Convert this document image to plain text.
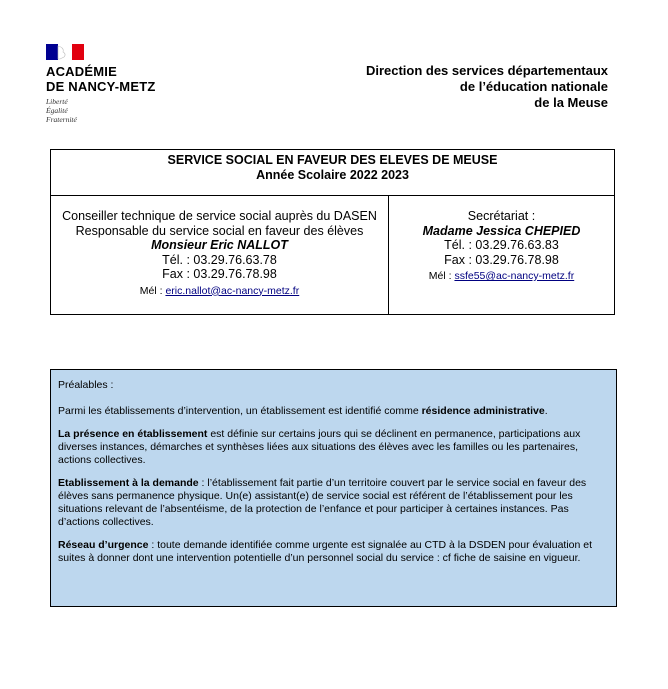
ACADÉMIE
DE NANCY-METZ
Liberté
Égalité
Fraternité
Direction des services départementaux
de l’éducation nationale
de la Meuse
SERVICE SOCIAL EN FAVEUR DES ELEVES DE MEUSE
Année Scolaire 2022 2023
Conseiller technique de service social auprès du DASEN
Responsable du service social en faveur des élèves
Monsieur Eric NALLOT
Tél. : 03.29.76.63.78
Fax : 03.29.76.78.98
Mél : eric.nallot@ac-nancy-metz.fr
Secrétariat :
Madame Jessica CHEPIED
Tél. : 03.29.76.63.83
Fax : 03.29.76.78.98
Mél : ssfe55@ac-nancy-metz.fr

Préalables :

Parmi les établissements d’intervention, un établissement est identifié comme résidence administrative.

La présence en établissement est définie sur certains jours qui se déclinent en permanence, participations aux diverses instances, démarches et synthèses liées aux situations des élèves avec les familles ou les partenaires, actions collectives.

Etablissement à la demande : l’établissement fait partie d’un territoire couvert par le service social en faveur des élèves sans permanence physique. Un(e) assistant(e) de service social est référent de l’établissement pour les situations relevant de l’absentéisme, de la protection de l’enfance et pour participer à certaines instances. Pas d’actions collectives.

Réseau d’urgence : toute demande identifiée comme urgente est signalée au CTD à la DSDEN pour évaluation et suites à donner dont une intervention potentielle d’un personnel social du service : cf fiche de saisine en vigueur.
